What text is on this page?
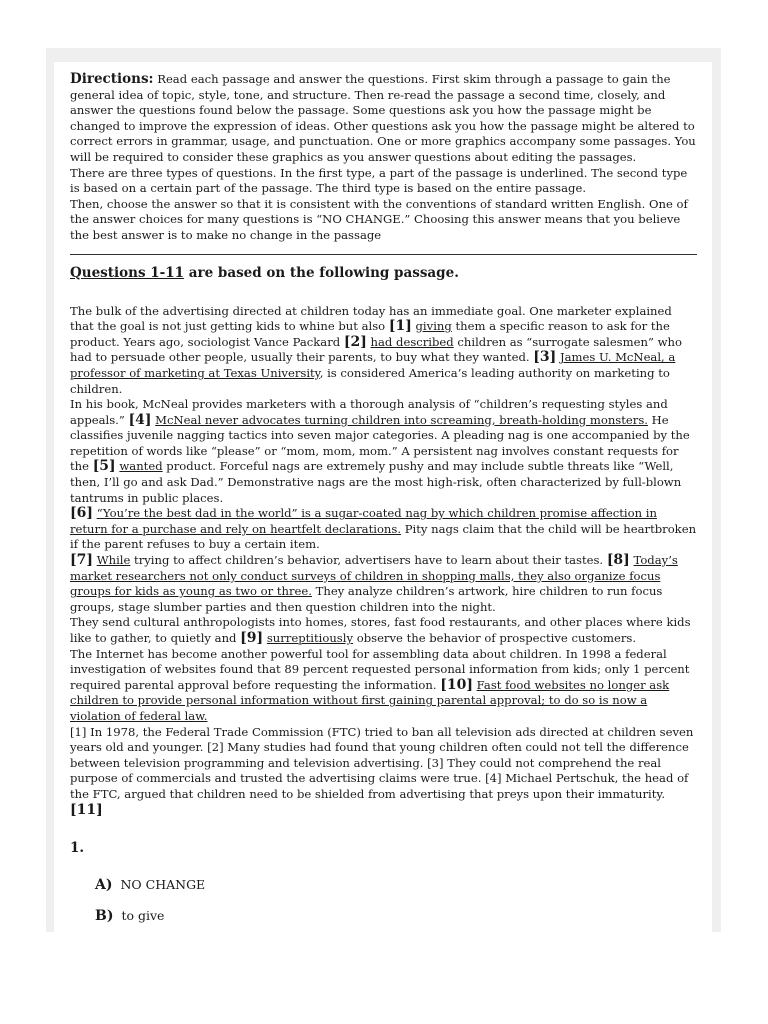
Directions: Read each passage and answer the questions. First skim through a passage to gain the general idea of topic, style, tone, and structure. Then re-read the passage a second time, closely, and answer the questions found below the passage. Some questions ask you how the passage might be changed to improve the expression of ideas. Other questions ask you how the passage might be altered to correct errors in grammar, usage, and punctuation. One or more graphics accompany some passages. You will be required to consider these graphics as you answer questions about editing the passages.

There are three types of questions. In the first type, a part of the passage is underlined. The second type is based on a certain part of the passage. The third type is based on the entire passage.

Then, choose the answer so that it is consistent with the conventions of standard written English. One of the answer choices for many questions is “NO CHANGE.” Choosing this answer means that you believe the best answer is to make no change in the passage

Questions 1-11 are based on the following passage.

The bulk of the advertising directed at children today has an immediate goal. One marketer explained that the goal is not just getting kids to whine but also [1] giving them a specific reason to ask for the product. Years ago, sociologist Vance Packard [2] had described children as “surrogate salesmen” who had to persuade other people, usually their parents, to buy what they wanted. [3] James U. McNeal, a professor of marketing at Texas University, is considered America’s leading authority on marketing to children.

In his book, McNeal provides marketers with a thorough analysis of “children’s requesting styles and appeals.” [4] McNeal never advocates turning children into screaming, breath-holding monsters. He classifies juvenile nagging tactics into seven major categories. A pleading nag is one accompanied by the repetition of words like “please” or “mom, mom, mom.” A persistent nag involves constant requests for the [5] wanted product. Forceful nags are extremely pushy and may include subtle threats like “Well, then, I’ll go and ask Dad.” Demonstrative nags are the most high-risk, often characterized by full-blown tantrums in public places.

[6] “You’re the best dad in the world” is a sugar-coated nag by which children promise affection in return for a purchase and rely on heartfelt declarations. Pity nags claim that the child will be heartbroken if the parent refuses to buy a certain item.

[7] While trying to affect children’s behavior, advertisers have to learn about their tastes. [8] Today’s market researchers not only conduct surveys of children in shopping malls, they also organize focus groups for kids as young as two or three. They analyze children’s artwork, hire children to run focus groups, stage slumber parties and then question children into the night.

They send cultural anthropologists into homes, stores, fast food restaurants, and other places where kids like to gather, to quietly and [9] surreptitiously observe the behavior of prospective customers.

The Internet has become another powerful tool for assembling data about children. In 1998 a federal investigation of websites found that 89 percent requested personal information from kids; only 1 percent required parental approval before requesting the information. [10] Fast food websites no longer ask children to provide personal information without first gaining parental approval; to do so is now a violation of federal law.

[1] In 1978, the Federal Trade Commission (FTC) tried to ban all television ads directed at children seven years old and younger. [2] Many studies had found that young children often could not tell the difference between television programming and television advertising. [3] They could not comprehend the real purpose of commercials and trusted the advertising claims were true. [4] Michael Pertschuk, the head of the FTC, argued that children need to be shielded from advertising that preys upon their immaturity. [11]

1.
A) NO CHANGE
B) to give
